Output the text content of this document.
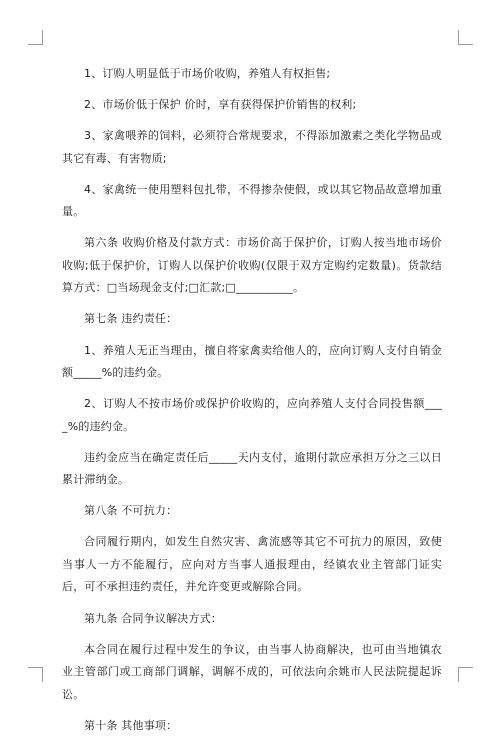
1、订购人明显低于市场价收购，养殖人有权拒售;

2、市场价低于保护 价时，享有获得保护价销售的权利;

3、家禽喂养的饲料，必须符合常规要求，不得添加激素之类化学物品或其它有毒、有害物质;

4、家禽统一使用塑料包扎带，不得掺杂使假，或以其它物品故意增加重量。

第六条 收购价格及付款方式：市场价高于保护价，订购人按当地市场价收购;低于保护价，订购人以保护价收购(仅限于双方定购约定数量)。货款结算方式：□当场现金支付;□汇款;□__________。

第七条 违约责任：

1、养殖人无正当理由，擅自将家禽卖给他人的，应向订购人支付自销金额_____%的违约金。

2、订购人不按市场价或保护价收购的，应向养殖人支付合同投售额____%的违约金。

违约金应当在确定责任后_____天内支付，逾期付款应承担万分之三以日累计滞纳金。

第八条 不可抗力：

合同履行期内，如发生自然灾害、禽流感等其它不可抗力的原因，致使当事人一方不能履行，应向对方当事人通报理由，经镇农业主管部门证实后，可不承担违约责任，并允许变更或解除合同。

第九条 合同争议解决方式：

本合同在履行过程中发生的争议，由当事人协商解决，也可由当地镇农业主管部门或工商部门调解，调解不成的，可依法向余姚市人民法院提起诉讼。

第十条 其他事项：
